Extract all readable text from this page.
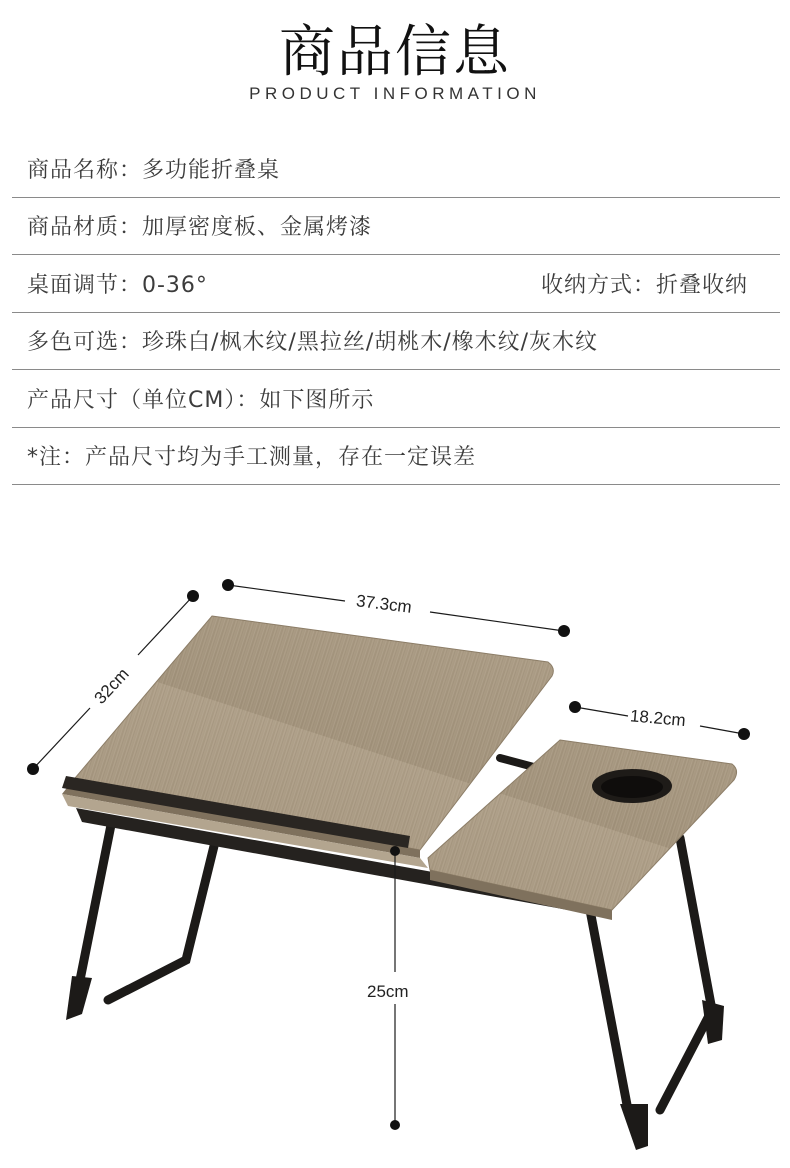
商品信息
PRODUCT INFORMATION
商品名称：多功能折叠桌
商品材质：加厚密度板、金属烤漆
桌面调节：0-36°	收纳方式：折叠收纳
多色可选：珍珠白/枫木纹/黑拉丝/胡桃木/橡木纹/灰木纹
产品尺寸（单位CM）：如下图所示
*注：产品尺寸均为手工测量，存在一定误差
37.3cm
32cm
18.2cm
25cm
